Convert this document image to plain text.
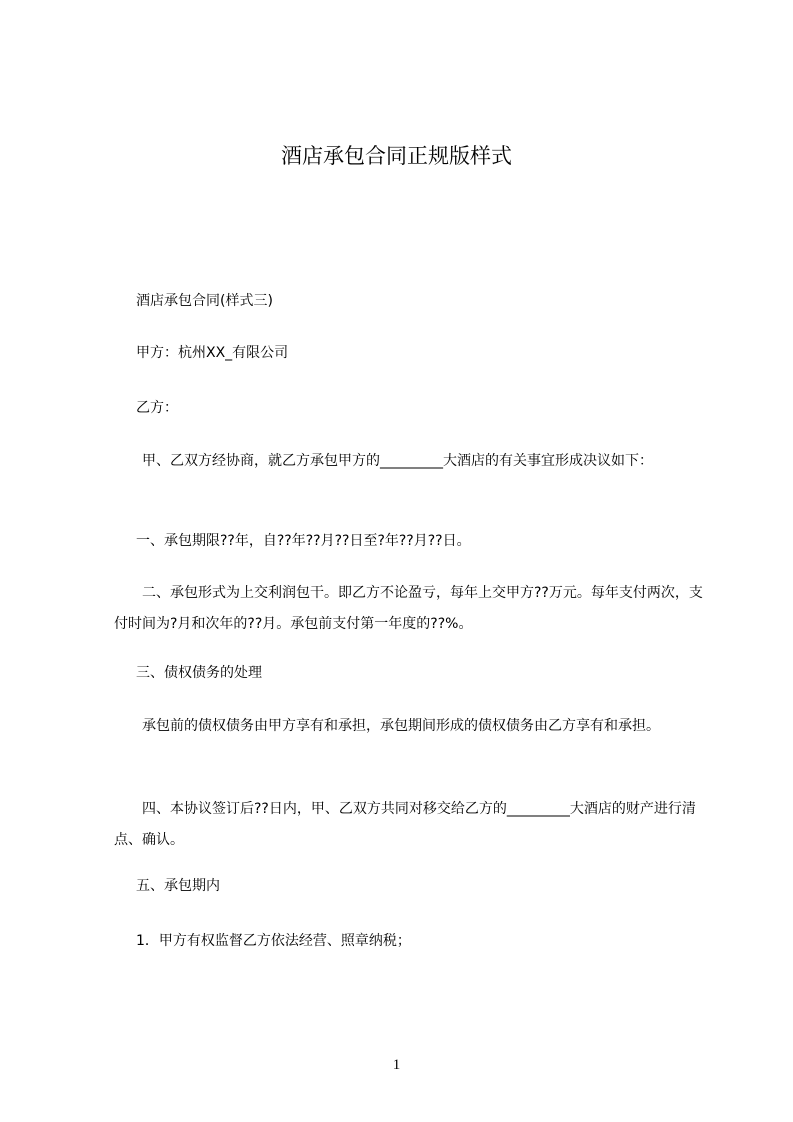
酒店承包合同正规版样式

酒店承包合同(样式三)

甲方：杭州XX_有限公司

乙方：

甲、乙双方经协商，就乙方承包甲方的_________大酒店的有关事宜形成决议如下：

一、承包期限??年，自??年??月??日至?年??月??日。

二、承包形式为上交利润包干。即乙方不论盈亏，每年上交甲方??万元。每年支付两次，支付时间为?月和次年的??月。承包前支付第一年度的??%。

三、债权债务的处理

承包前的债权债务由甲方享有和承担，承包期间形成的债权债务由乙方享有和承担。

四、本协议签订后??日内，甲、乙双方共同对移交给乙方的_________大酒店的财产进行清点、确认。

五、承包期内

1．甲方有权监督乙方依法经营、照章纳税；

1
